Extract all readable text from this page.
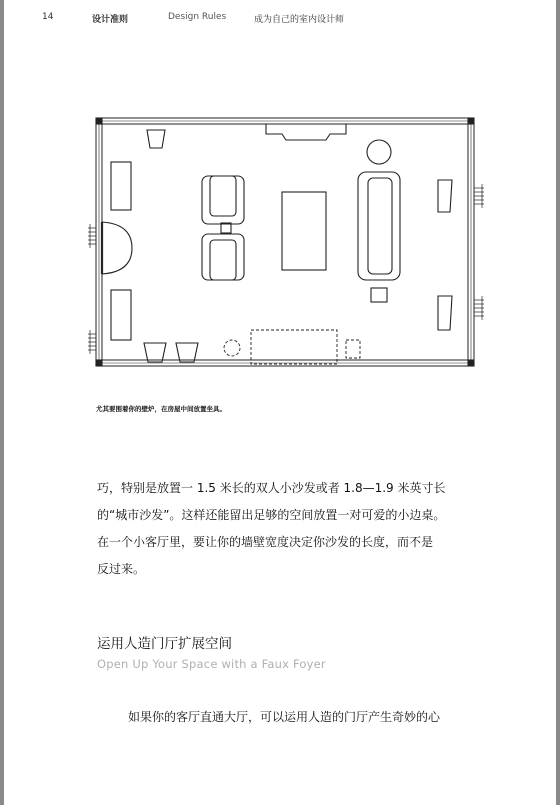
14	设计准则	Design Rules	成为自己的室内设计师
尤其要围着你的壁炉，在房屋中间放置坐具。

巧，特别是放置一 1.5 米长的双人小沙发或者 1.8—1.9 米英寸长

的“城市沙发”。这样还能留出足够的空间放置一对可爱的小边桌。

在一个小客厅里，要让你的墙壁宽度决定你沙发的长度，而不是

反过来。

运用人造门厅扩展空间
Open Up Your Space with a Faux Foyer
如果你的客厅直通大厅，可以运用人造的门厅产生奇妙的心
